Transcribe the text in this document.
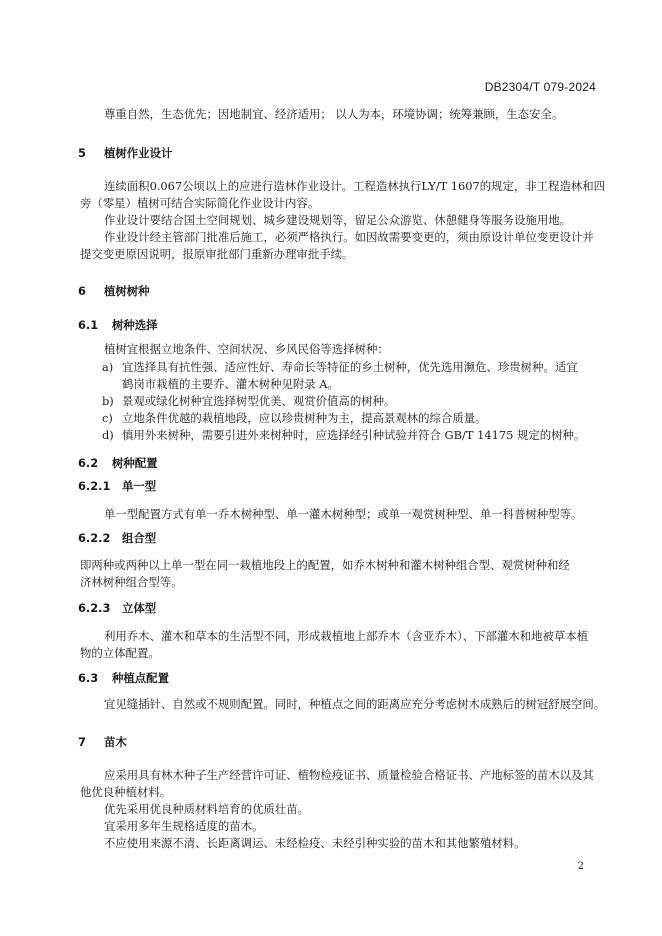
DB2304/T 079-2024
尊重自然，生态优先；因地制宜、经济适用； 以人为本，环境协调；统筹兼顾，生态安全。
5 植树作业设计
连续面积0.067公顷以上的应进行造林作业设计。工程造林执行LY/T 1607的规定，非工程造林和四
旁（零星）植树可结合实际简化作业设计内容。
作业设计要结合国土空间规划、城乡建设规划等，留足公众游览、休憩健身等服务设施用地。
作业设计经主管部门批准后施工，必须严格执行。如因故需要变更的，须由原设计单位变更设计并
提交变更原因说明，报原审批部门重新办理审批手续。
6 植树树种
6.1 树种选择
植树宜根据立地条件、空间状况、乡风民俗等选择树种：
a) 宜选择具有抗性强、适应性好、寿命长等特征的乡土树种，优先选用濒危、珍贵树种。适宜
鹤岗市栽植的主要乔、灌木树种见附录 A。
b) 景观或绿化树种宜选择树型优美、观赏价值高的树种。
c) 立地条件优越的栽植地段，应以珍贵树种为主，提高景观林的综合质量。
d) 慎用外来树种，需要引进外来树种时，应选择经引种试验并符合 GB/T 14175 规定的树种。
6.2 树种配置
6.2.1 单一型
单一型配置方式有单一乔木树种型、单一灌木树种型；或单一观赏树种型、单一科普树种型等。
6.2.2 组合型
即两种或两种以上单一型在同一栽植地段上的配置，如乔木树种和灌木树种组合型、观赏树种和经
济林树种组合型等。
6.2.3 立体型
利用乔木、灌木和草本的生活型不同，形成栽植地上部乔木（含亚乔木）、下部灌木和地被草本植
物的立体配置。
6.3 种植点配置
宜见缝插针、自然或不规则配置。同时，种植点之间的距离应充分考虑树木成熟后的树冠舒展空间。
7 苗木
应采用具有林木种子生产经营许可证、植物检疫证书、质量检验合格证书、产地标签的苗木以及其
他优良种植材料。
优先采用优良种质材料培育的优质壮苗。
宜采用多年生规格适度的苗木。
不应使用来源不清、长距离调运、未经检疫、未经引种实验的苗木和其他繁殖材料。
2
